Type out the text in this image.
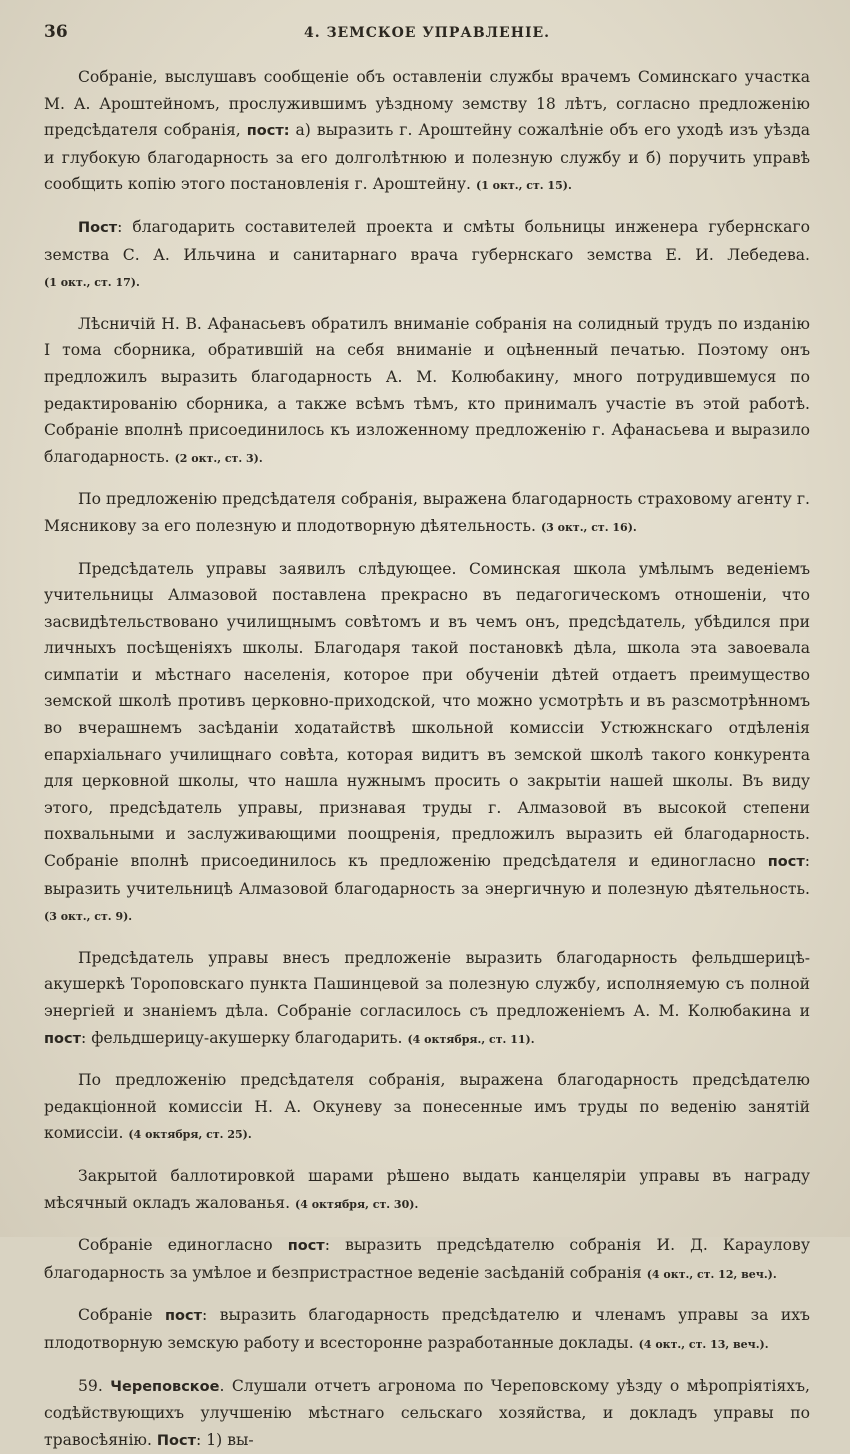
36	4. ЗЕМСКОЕ УПРАВЛЕНІЕ.

Собраніе, выслушавъ сообщеніе объ оставленіи службы врачемъ Соминскаго участка М. А. Ароштейномъ, прослужившимъ уѣздному земству 18 лѣтъ, согласно предложенію предсѣдателя собранія, пост: а) выразить г. Ароштейну сожалѣніе объ его уходѣ изъ уѣзда и глубокую благодарность за его долголѣтнюю и полезную службу и б) поручить управѣ сообщить копію этого постановленія г. Ароштейну. (1 окт., ст. 15).

Пост: благодарить составителей проекта и смѣты больницы инженера губернскаго земства С. А. Ильчина и санитарнаго врача губернскаго земства Е. И. Лебедева. (1 окт., ст. 17).

Лѣсничій Н. В. Афанасьевъ обратилъ вниманіе собранія на солидный трудъ по изданію I тома сборника, обратившій на себя вниманіе и оцѣненный печатью. Поэтому онъ предложилъ выразить благодарность А. М. Колюбакину, много потрудившемуся по редактированію сборника, а также всѣмъ тѣмъ, кто принималъ участіе въ этой работѣ. Собраніе вполнѣ присоединилось къ изложенному предложенію г. Афанасьева и выразило благодарность. (2 окт., ст. 3).

По предложенію предсѣдателя собранія, выражена благодарность страховому агенту г. Мясникову за его полезную и плодотворную дѣятельность. (3 окт., ст. 16).

Предсѣдатель управы заявилъ слѣдующее. Соминская школа умѣлымъ веденіемъ учительницы Алмазовой поставлена прекрасно въ педагогическомъ отношеніи, что засвидѣтельствовано училищнымъ совѣтомъ и въ чемъ онъ, предсѣдатель, убѣдился при личныхъ посѣщеніяхъ школы. Благодаря такой постановкѣ дѣла, школа эта завоевала симпатіи и мѣстнаго населенія, которое при обученіи дѣтей отдаетъ преимущество земской школѣ противъ церковно-приходской, что можно усмотрѣть и въ разсмотрѣнномъ во вчерашнемъ засѣданіи ходатайствѣ школьной комиссіи Устюжнскаго отдѣленія епархіальнаго училищнаго совѣта, которая видитъ въ земской школѣ такого конкурента для церковной школы, что нашла нужнымъ просить о закрытіи нашей школы. Въ виду этого, предсѣдатель управы, признавая труды г. Алмазовой въ высокой степени похвальными и заслуживающими поощренія, предложилъ выразить ей благодарность. Собраніе вполнѣ присоединилось къ предложенію предсѣдателя и единогласно пост: выразить учительницѣ Алмазовой благодарность за энергичную и полезную дѣятельность. (3 окт., ст. 9).

Предсѣдатель управы внесъ предложеніе выразить благодарность фельдшерицѣ-акушеркѣ Тороповскаго пункта Пашинцевой за полезную службу, исполняемую съ полной энергіей и знаніемъ дѣла. Собраніе согласилось съ предложеніемъ А. М. Колюбакина и пост: фельдшерицу-акушерку благодарить. (4 октября., ст. 11).

По предложенію предсѣдателя собранія, выражена благодарность предсѣдателю редакціонной комиссіи Н. А. Окуневу за понесенные имъ труды по веденію занятій комиссіи. (4 октября, ст. 25).

Закрытой баллотировкой шарами рѣшено выдать канцеляріи управы въ награду мѣсячный окладъ жалованья. (4 октября, ст. 30).

Собраніе единогласно пост: выразить предсѣдателю собранія И. Д. Караулову благодарность за умѣлое и безпристрастное веденіе засѣданій собранія (4 окт., ст. 12, веч.).

Собраніе пост: выразить благодарность предсѣдателю и членамъ управы за ихъ плодотворную земскую работу и всесторонне разработанные доклады. (4 окт., ст. 13, веч.).

59. Череповское. Слушали отчетъ агронома по Череповскому уѣзду о мѣропріятіяхъ, содѣйствующихъ улучшенію мѣстнаго сельскаго хозяйства, и докладъ управы по травосѣянію. Пост: 1) вы-
